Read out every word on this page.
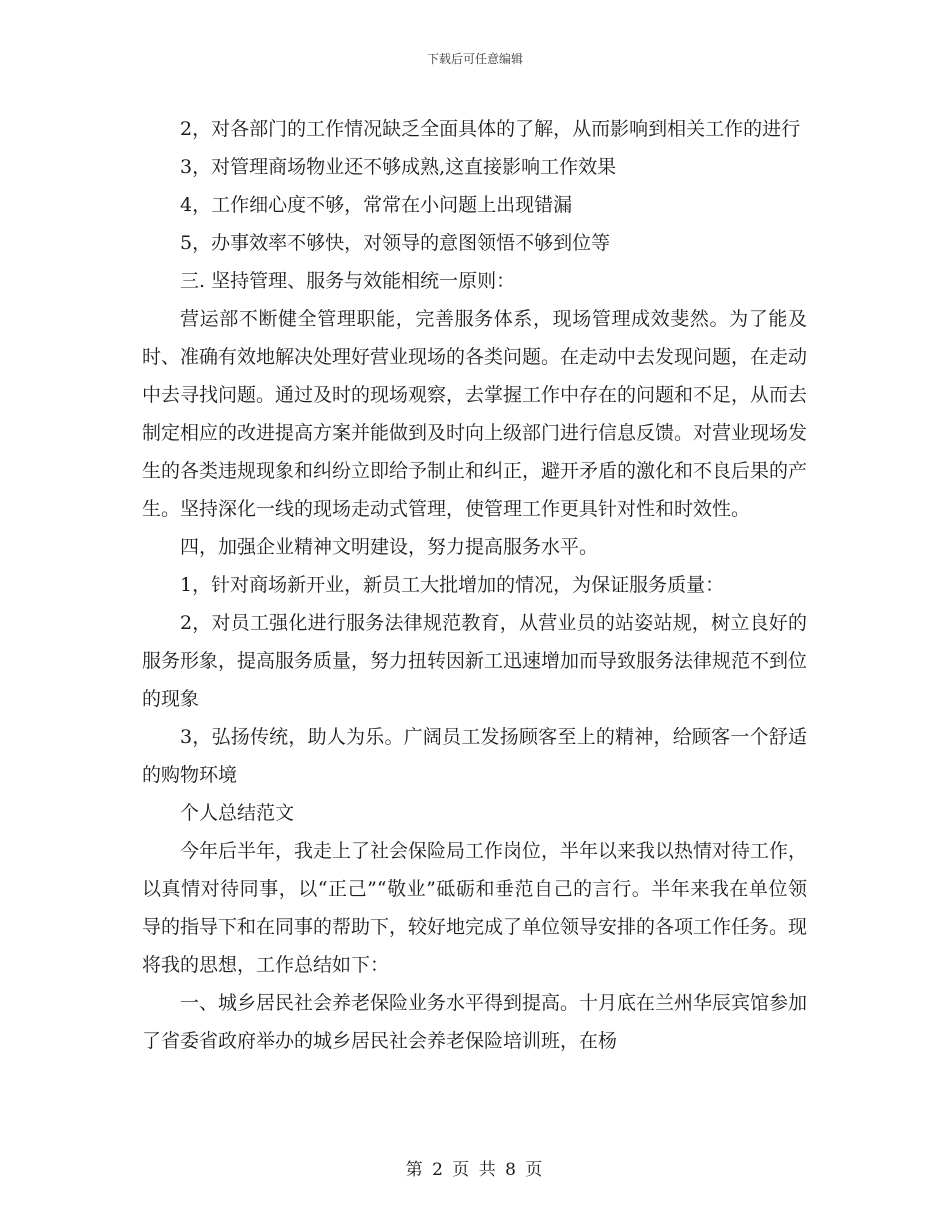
下载后可任意编辑

2，对各部门的工作情况缺乏全面具体的了解，从而影响到相关工作的进行

3，对管理商场物业还不够成熟,这直接影响工作效果

4，工作细心度不够，常常在小问题上出现错漏

5，办事效率不够快，对领导的意图领悟不够到位等

三. 坚持管理、服务与效能相统一原则：

营运部不断健全管理职能，完善服务体系，现场管理成效斐然。为了能及时、准确有效地解决处理好营业现场的各类问题。在走动中去发现问题，在走动中去寻找问题。通过及时的现场观察，去掌握工作中存在的问题和不足，从而去制定相应的改进提高方案并能做到及时向上级部门进行信息反馈。对营业现场发生的各类违规现象和纠纷立即给予制止和纠正，避开矛盾的激化和不良后果的产生。坚持深化一线的现场走动式管理，使管理工作更具针对性和时效性。

四，加强企业精神文明建设，努力提高服务水平。

1，针对商场新开业，新员工大批增加的情况，为保证服务质量：

2，对员工强化进行服务法律规范教育，从营业员的站姿站规，树立良好的服务形象，提高服务质量，努力扭转因新工迅速增加而导致服务法律规范不到位的现象

3，弘扬传统，助人为乐。广阔员工发扬顾客至上的精神，给顾客一个舒适的购物环境

个人总结范文

今年后半年，我走上了社会保险局工作岗位，半年以来我以热情对待工作，以真情对待同事，以“正己”“敬业”砥砺和垂范自己的言行。半年来我在单位领导的指导下和在同事的帮助下，较好地完成了单位领导安排的各项工作任务。现将我的思想，工作总结如下：

一、城乡居民社会养老保险业务水平得到提高。十月底在兰州华辰宾馆参加了省委省政府举办的城乡居民社会养老保险培训班，在杨

第 2 页 共 8 页
